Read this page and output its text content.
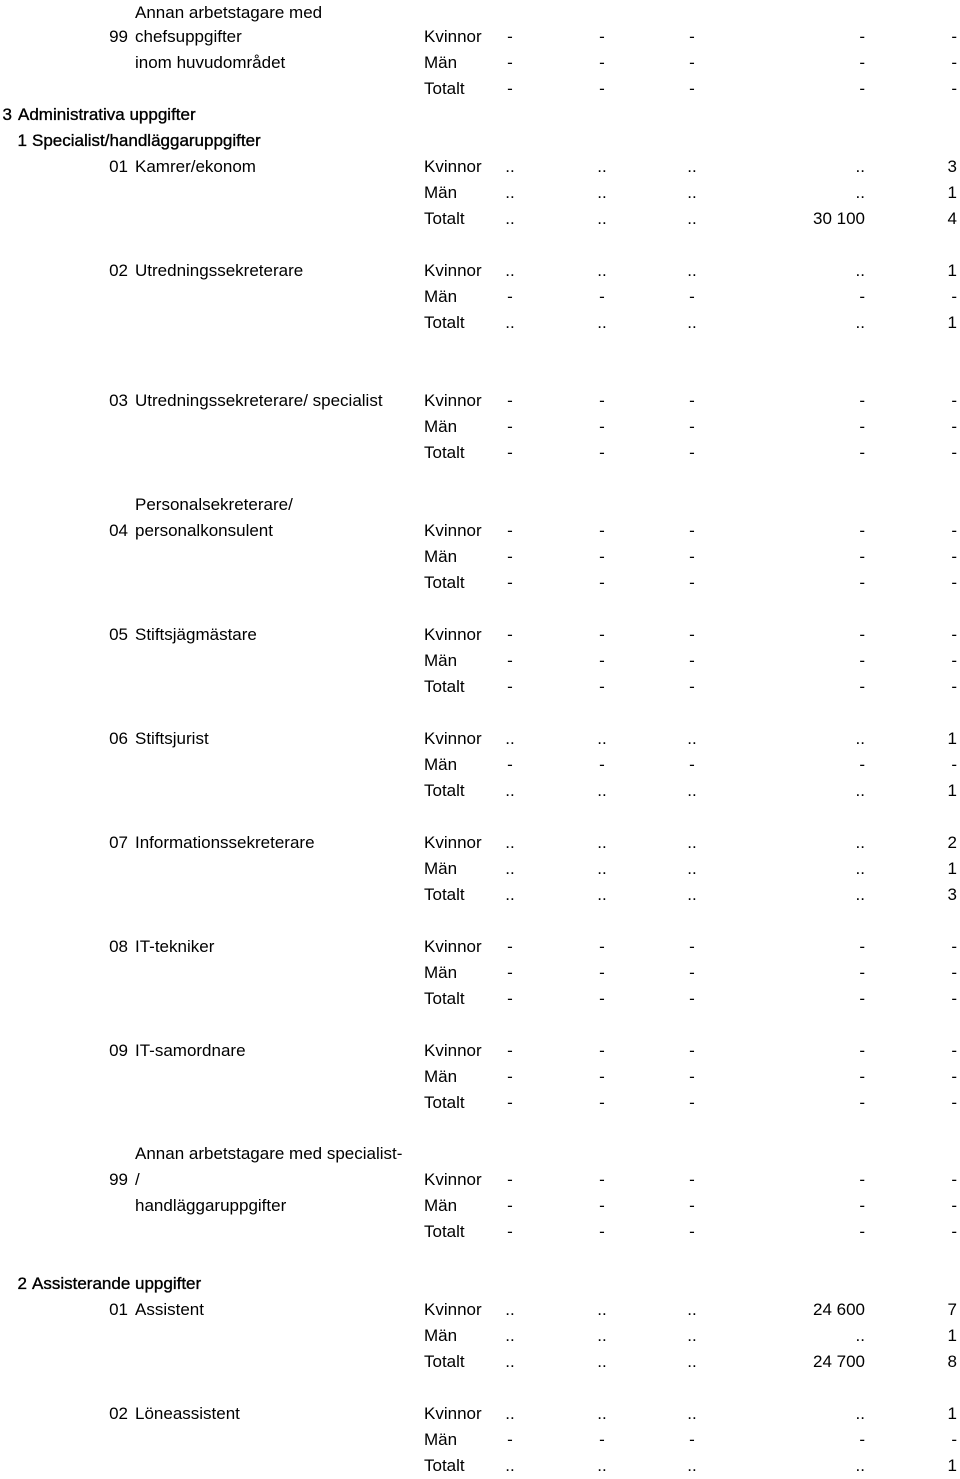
Annan arbetstagare med
99 chefsuppgifter	Kvinnor	-	-	-	-	-
inom huvudområdet	Män	-	-	-	-	-
Totalt	-	-	-	-	-
3 Administrativa uppgifter
1 Specialist/handläggaruppgifter
01 Kamrer/ekonom	Kvinnor	..	..	..	..	3
Män	..	..	..	..	1
Totalt	..	..	..	30 100	4
02 Utredningssekreterare	Kvinnor	..	..	..	..	1
Män	-	-	-	-	-
Totalt	..	..	..	..	1
03 Utredningssekreterare/ specialist Kvinnor	-	-	-	-	-
Män	-	-	-	-	-
Totalt	-	-	-	-	-
Personalsekreterare/
04 personalkonsulent	Kvinnor	-	-	-	-	-
Män	-	-	-	-	-
Totalt	-	-	-	-	-
05 Stiftsjägmästare	Kvinnor	-	-	-	-	-
Män	-	-	-	-	-
Totalt	-	-	-	-	-
06 Stiftsjurist	Kvinnor	..	..	..	..	1
Män	-	-	-	-	-
Totalt	..	..	..	..	1
07 Informationssekreterare	Kvinnor	..	..	..	..	2
Män	..	..	..	..	1
Totalt	..	..	..	..	3
08 IT-tekniker	Kvinnor	-	-	-	-	-
Män	-	-	-	-	-
Totalt	-	-	-	-	-
09 IT-samordnare	Kvinnor	-	-	-	-	-
Män	-	-	-	-	-
Totalt	-	-	-	-	-
Annan arbetstagare med specialist-
99 /	Kvinnor	-	-	-	-	-
handläggaruppgifter	Män	-	-	-	-	-
Totalt	-	-	-	-	-
2 Assisterande uppgifter
01 Assistent	Kvinnor	..	..	..	24 600	7
Män	..	..	..	..	1
Totalt	..	..	..	24 700	8
02 Löneassistent	Kvinnor	..	..	..	..	1
Män	-	-	-	-	-
Totalt	..	..	..	..	1
